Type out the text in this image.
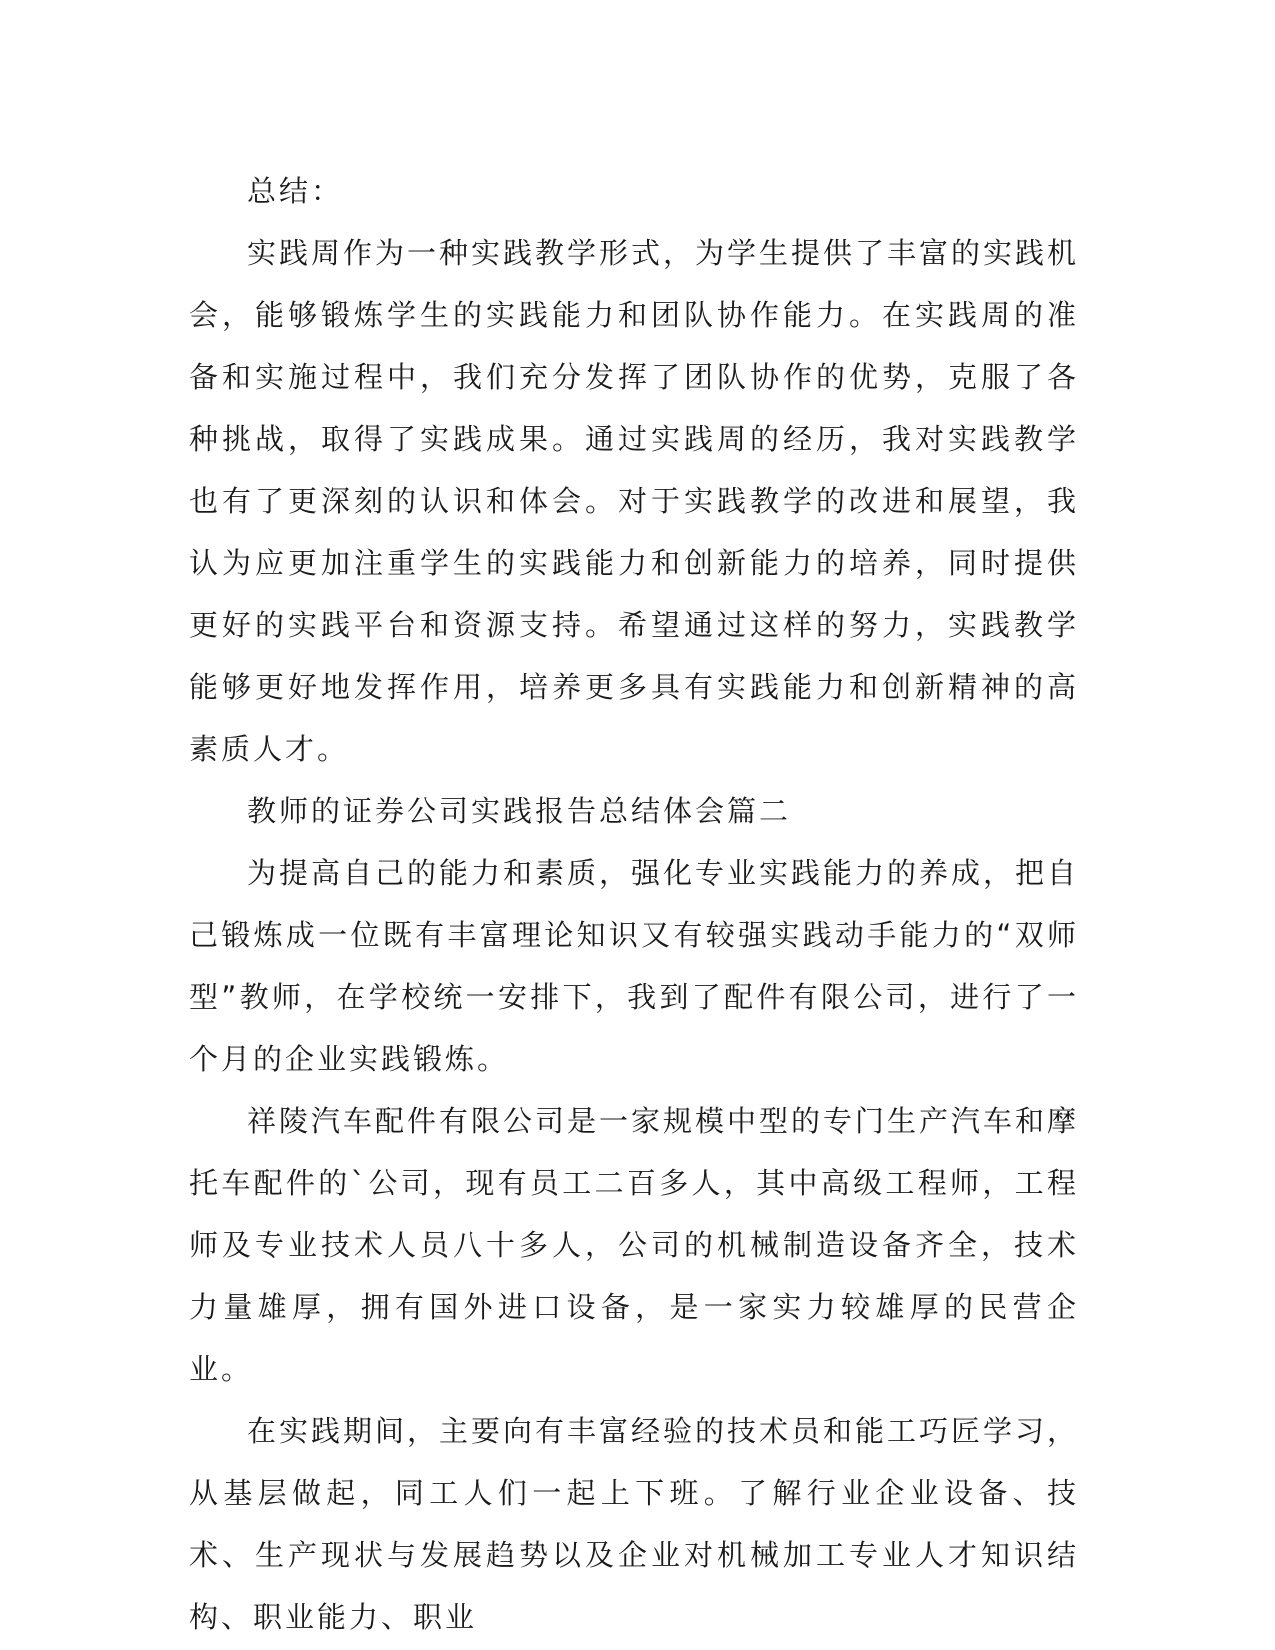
总结：

实践周作为一种实践教学形式，为学生提供了丰富的实践机会，能够锻炼学生的实践能力和团队协作能力。在实践周的准备和实施过程中，我们充分发挥了团队协作的优势，克服了各种挑战，取得了实践成果。通过实践周的经历，我对实践教学也有了更深刻的认识和体会。对于实践教学的改进和展望，我认为应更加注重学生的实践能力和创新能力的培养，同时提供更好的实践平台和资源支持。希望通过这样的努力，实践教学能够更好地发挥作用，培养更多具有实践能力和创新精神的高素质人才。

教师的证券公司实践报告总结体会篇二

为提高自己的能力和素质，强化专业实践能力的养成，把自己锻炼成一位既有丰富理论知识又有较强实践动手能力的“双师型”教师，在学校统一安排下，我到了配件有限公司，进行了一个月的企业实践锻炼。

祥陵汽车配件有限公司是一家规模中型的专门生产汽车和摩托车配件的`公司，现有员工二百多人，其中高级工程师，工程师及专业技术人员八十多人，公司的机械制造设备齐全，技术力量雄厚，拥有国外进口设备，是一家实力较雄厚的民营企业。

在实践期间，主要向有丰富经验的技术员和能工巧匠学习，从基层做起，同工人们一起上下班。了解行业企业设备、技术、生产现状与发展趋势以及企业对机械加工专业人才知识结构、职业能力、职业
